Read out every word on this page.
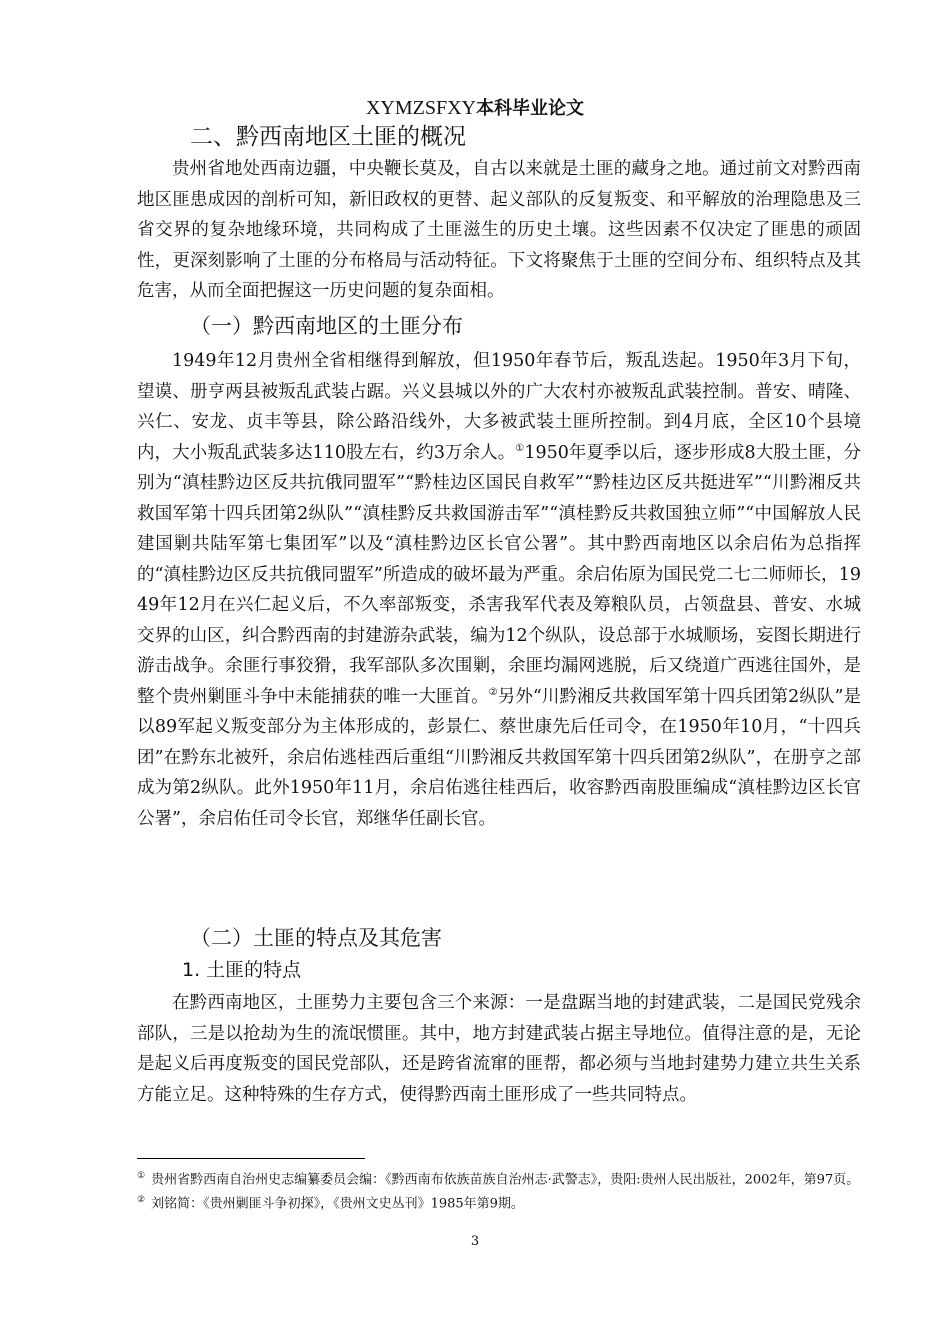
XYMZSFXY本科毕业论文
二、黔西南地区土匪的概况

贵州省地处西南边疆，中央鞭长莫及，自古以来就是土匪的藏身之地。通过前文对黔西南地区匪患成因的剖析可知，新旧政权的更替、起义部队的反复叛变、和平解放的治理隐患及三省交界的复杂地缘环境，共同构成了土匪滋生的历史土壤。这些因素不仅决定了匪患的顽固性，更深刻影响了土匪的分布格局与活动特征。下文将聚焦于土匪的空间分布、组织特点及其危害，从而全面把握这一历史问题的复杂面相。

（一）黔西南地区的土匪分布

1949年12月贵州全省相继得到解放，但1950年春节后，叛乱迭起。1950年3月下旬，望谟、册亨两县被叛乱武装占踞。兴义县城以外的广大农村亦被叛乱武装控制。普安、晴隆、兴仁、安龙、贞丰等县，除公路沿线外，大多被武装土匪所控制。到4月底，全区10个县境内，大小叛乱武装多达110股左右，约3万余人。①1950年夏季以后，逐步形成8大股土匪，分别为“滇桂黔边区反共抗俄同盟军”“黔桂边区国民自救军”“黔桂边区反共挺进军”“川黔湘反共救国军第十四兵团第2纵队”“滇桂黔反共救国游击军”“滇桂黔反共救国独立师”“中国解放人民建国剿共陆军第七集团军”以及“滇桂黔边区长官公署”。其中黔西南地区以余启佑为总指挥的“滇桂黔边区反共抗俄同盟军”所造成的破坏最为严重。余启佑原为国民党二七二师师长，1949年12月在兴仁起义后，不久率部叛变，杀害我军代表及筹粮队员，占领盘县、普安、水城交界的山区，纠合黔西南的封建游杂武装，编为12个纵队，设总部于水城顺场，妄图长期进行游击战争。余匪行事狡猾，我军部队多次围剿，余匪均漏网逃脱，后又绕道广西逃往国外，是整个贵州剿匪斗争中未能捕获的唯一大匪首。②另外“川黔湘反共救国军第十四兵团第2纵队”是以89军起义叛变部分为主体形成的，彭景仁、蔡世康先后任司令，在1950年10月，“十四兵团”在黔东北被歼，余启佑逃桂西后重组“川黔湘反共救国军第十四兵团第2纵队”，在册亨之部成为第2纵队。此外1950年11月，余启佑逃往桂西后，收容黔西南股匪编成“滇桂黔边区长官公署”，余启佑任司令长官，郑继华任副长官。

（二）土匪的特点及其危害
1. 土匪的特点

在黔西南地区，土匪势力主要包含三个来源：一是盘踞当地的封建武装，二是国民党残余部队，三是以抢劫为生的流氓惯匪。其中，地方封建武装占据主导地位。值得注意的是，无论是起义后再度叛变的国民党部队，还是跨省流窜的匪帮，都必须与当地封建势力建立共生关系方能立足。这种特殊的生存方式，使得黔西南土匪形成了一些共同特点。

① 贵州省黔西南自治州史志编纂委员会编：《黔西南布依族苗族自治州志·武警志》，贵阳:贵州人民出版社，2002年，第97页。

② 刘铭简：《贵州剿匪斗争初探》，《贵州文史丛刊》1985年第9期。

3
